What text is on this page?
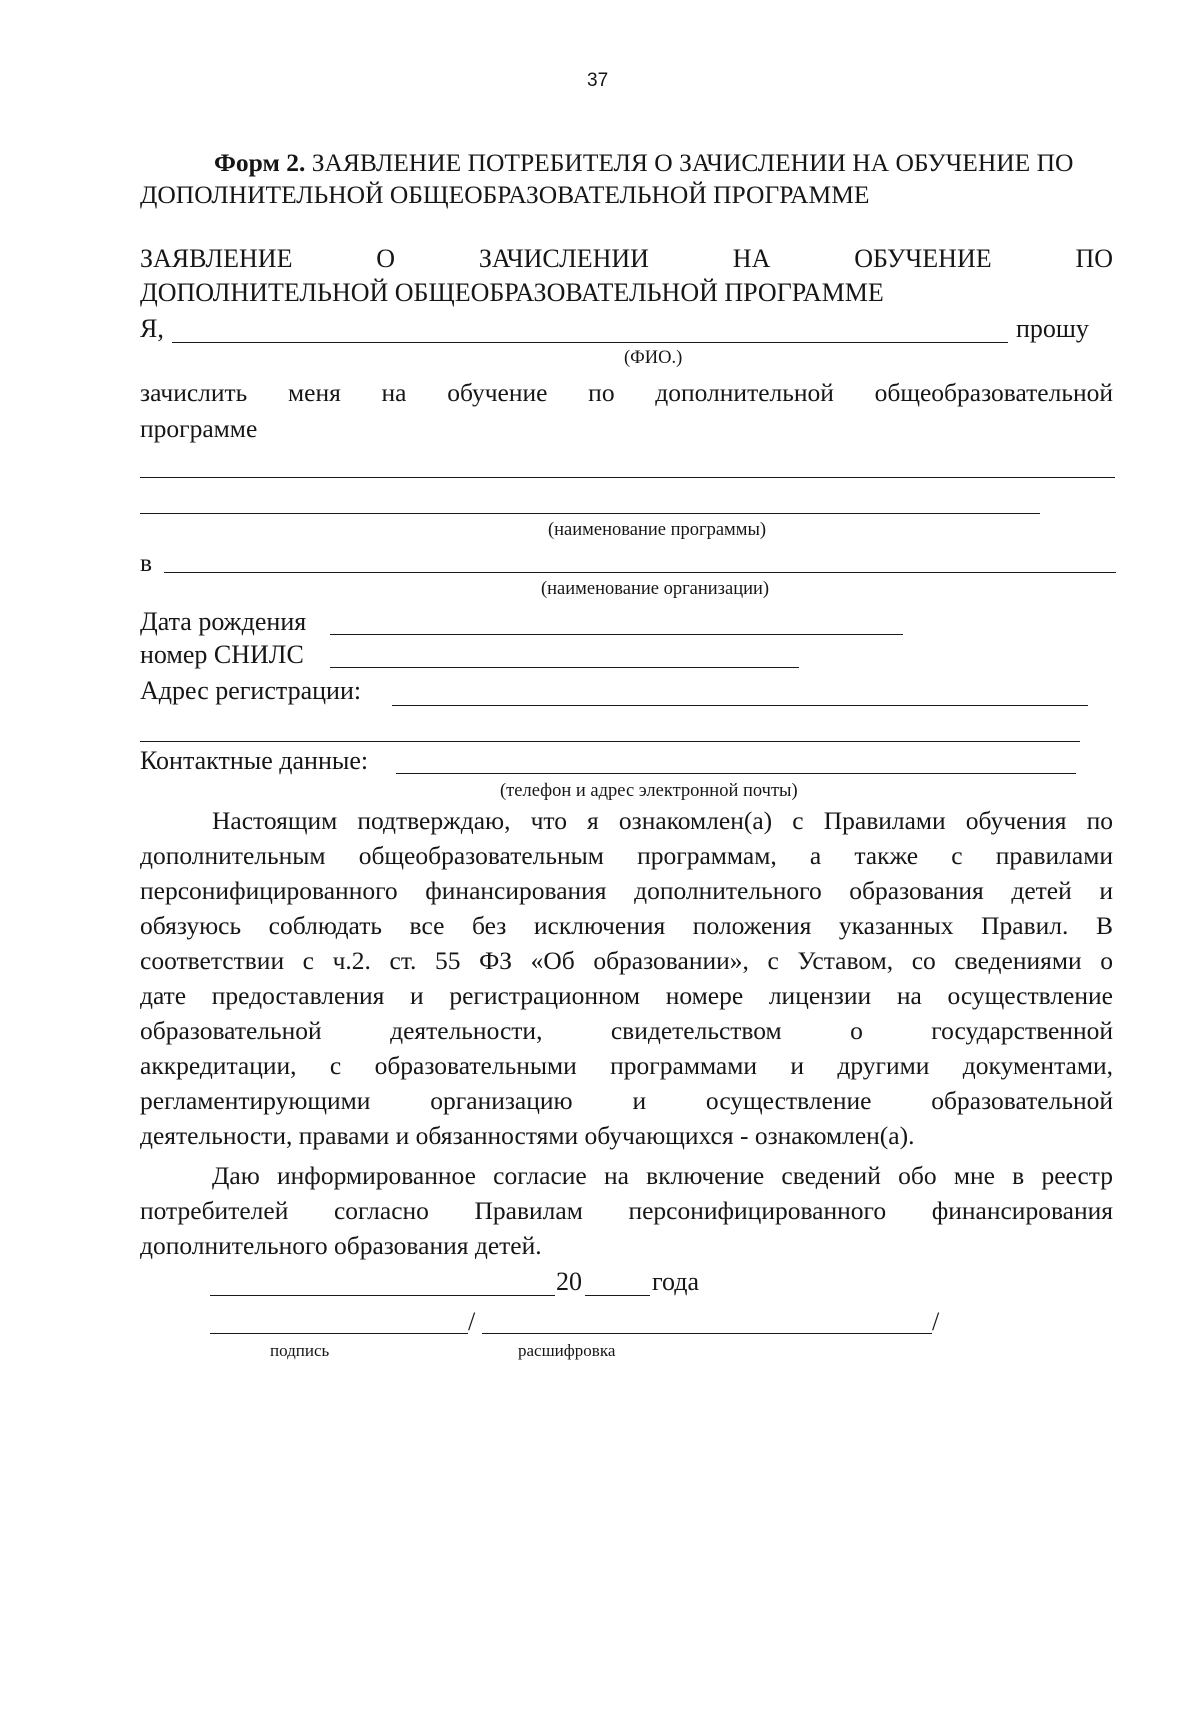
37
Форм 2. ЗАЯВЛЕНИЕ ПОТРЕБИТЕЛЯ О ЗАЧИСЛЕНИИ НА ОБУЧЕНИЕ ПО
ДОПОЛНИТЕЛЬНОЙ ОБЩЕОБРАЗОВАТЕЛЬНОЙ ПРОГРАММЕ
ЗАЯВЛЕНИЕ О ЗАЧИСЛЕНИИ НА ОБУЧЕНИЕ ПО
ДОПОЛНИТЕЛЬНОЙ ОБЩЕОБРАЗОВАТЕЛЬНОЙ ПРОГРАММЕ
Я,	прошу
(ФИО.)
зачислить меня на обучение по дополнительной общеобразовательной
программе
(наименование программы)
в
(наименование организации)
Дата рождения
номер СНИЛС
Адрес регистрации:
Контактные данные:
(телефон и адрес электронной почты)
Настоящим подтверждаю, что я ознакомлен(а) с Правилами обучения по
дополнительным общеобразовательным программам, а также с правилами
персонифицированного финансирования дополнительного образования детей и
обязуюсь соблюдать все без исключения положения указанных Правил. В
соответствии с ч.2. ст. 55 ФЗ «Об образовании», с Уставом, со сведениями о
дате предоставления и регистрационном номере лицензии на осуществление
образовательной деятельности, свидетельством о государственной
аккредитации, с образовательными программами и другими документами,
регламентирующими организацию и осуществление образовательной
деятельности, правами и обязанностями обучающихся - ознакомлен(а).
Даю информированное согласие на включение сведений обо мне в реестр
потребителей согласно Правилам персонифицированного финансирования
дополнительного образования детей.
20	года
/	/
подпись	расшифровка
